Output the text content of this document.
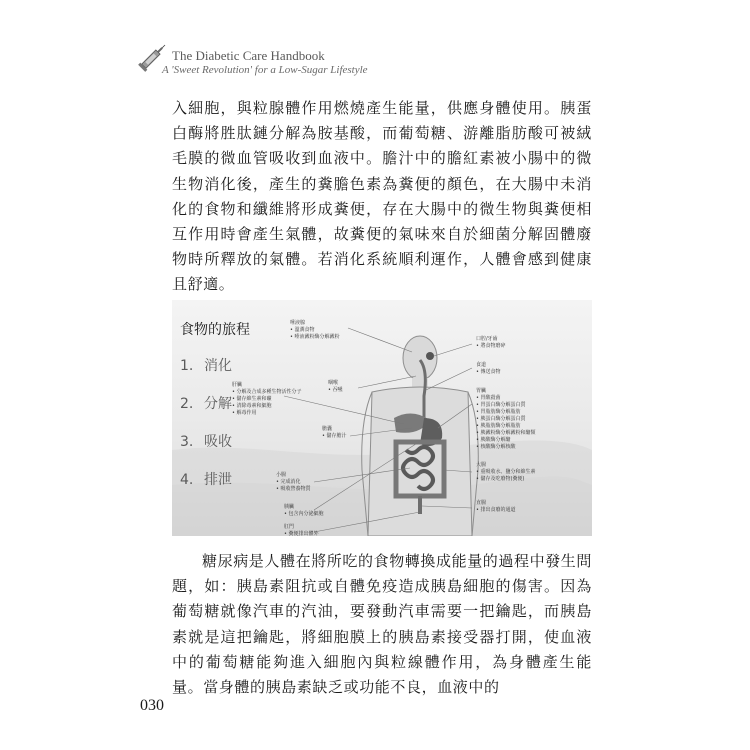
The Diabetic Care Handbook
A 'Sweet Revolution' for a Low-Sugar Lifestyle

入細胞，與粒腺體作用燃燒產生能量，供應身體使用。胰蛋白酶將胜肽鏈分解為胺基酸，而葡萄糖、游離脂肪酸可被絨毛膜的微血管吸收到血液中。膽汁中的膽紅素被小腸中的微生物消化後，產生的糞膽色素為糞便的顏色，在大腸中未消化的食物和纖維將形成糞便，存在大腸中的微生物與糞便相互作用時會產生氣體，故糞便的氣味來自於細菌分解固體廢物時所釋放的氣體。若消化系統順利運作，人體會感到健康且舒適。

食物的旅程
1. 消化
2. 分解
3. 吸收
4. 排泄
唾液腺
• 溫潤食物
• 唾液澱粉酶分解澱粉
咽喉
• 吞嚥
口腔/牙齒
• 將食物磨碎
食道
• 傳送食物
肝臟
• 分解及合成多種生物活性分子
• 儲存維生素和礦
• 清除毒素和細胞
• 解毒作用
胃臟
• 胃酸殺菌
• 胃蛋白酶分解蛋白質
• 胃脂肪酶分解脂肪
• 胰蛋白酶分解蛋白質
• 胰脂肪酶分解脂肪
• 胰澱粉酶分解澱粉和醣類
• 胰酸酶分解醣
• 核酸酶分解核酸
膽囊
• 儲存膽汁
小腸
• 完成消化
• 吸收營養物質
大腸
• 重吸收水、鹽分和維生素
• 儲存及吃廢物(糞便)
胰臟
• 包含內分泌細胞
肛門
• 糞便排出體外
直腸
• 排出食廢的通道

糖尿病是人體在將所吃的食物轉換成能量的過程中發生問題，如：胰島素阻抗或自體免疫造成胰島細胞的傷害。因為葡萄糖就像汽車的汽油，要發動汽車需要一把鑰匙，而胰島素就是這把鑰匙，將細胞膜上的胰島素接受器打開，使血液中的葡萄糖能夠進入細胞內與粒線體作用，為身體產生能量。當身體的胰島素缺乏或功能不良，血液中的

030
